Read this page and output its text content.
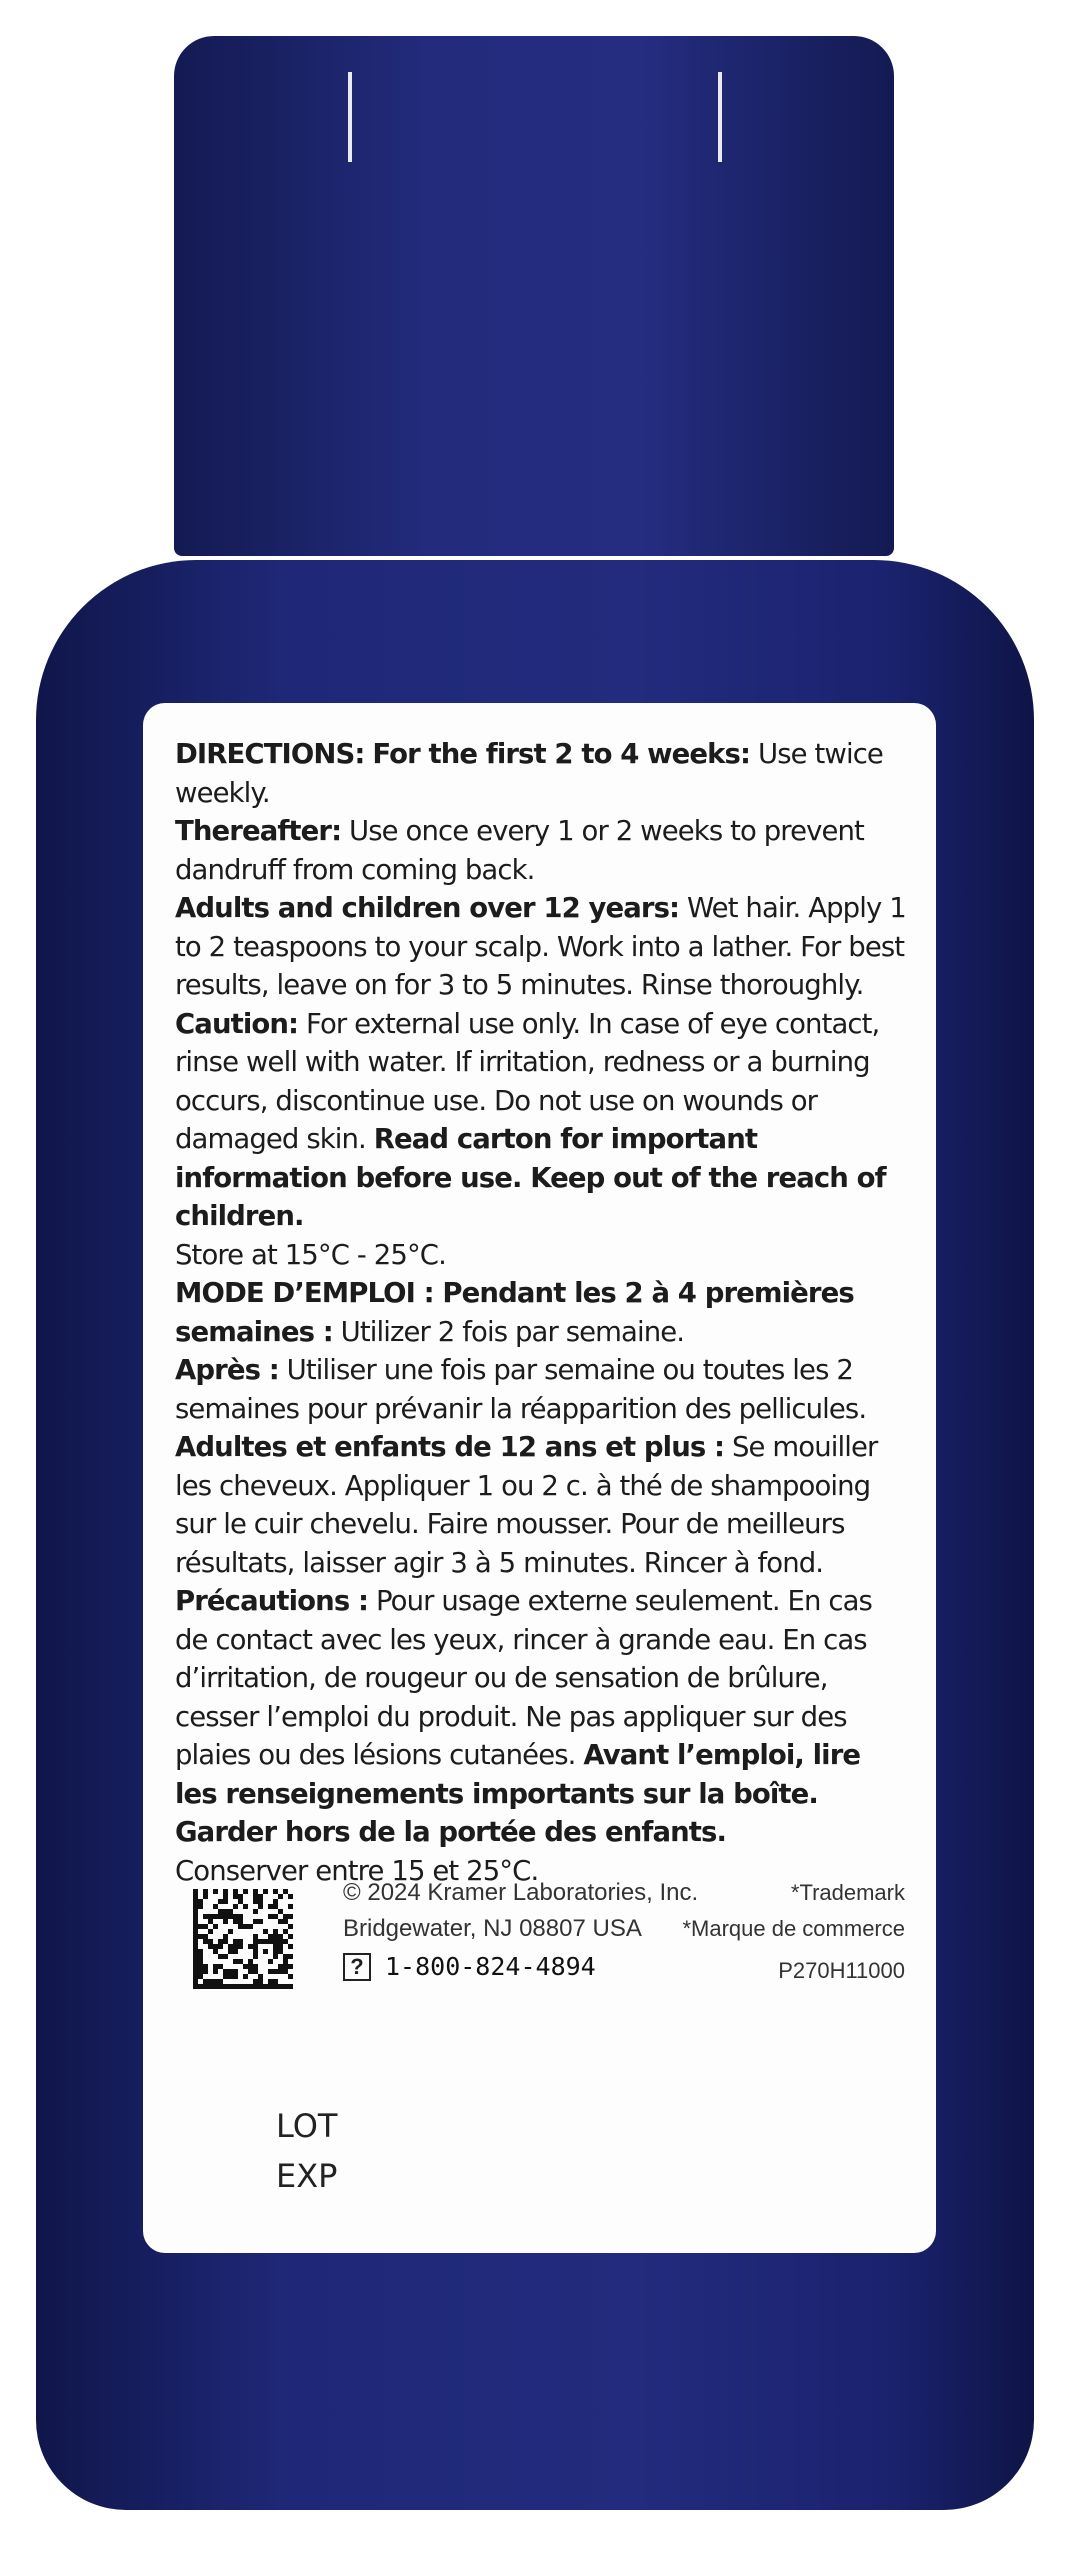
DIRECTIONS: For the first 2 to 4 weeks: Use twice weekly.

Thereafter: Use once every 1 or 2 weeks to prevent dandruff from coming back.

Adults and children over 12 years: Wet hair. Apply 1 to 2 teaspoons to your scalp. Work into a lather. For best results, leave on for 3 to 5 minutes. Rinse thoroughly.

Caution: For external use only. In case of eye contact, rinse well with water. If irritation, redness or a burning occurs, discontinue use. Do not use on wounds or damaged skin. Read carton for important information before use. Keep out of the reach of children.

Store at 15°C - 25°C.

MODE D’EMPLOI : Pendant les 2 à 4 premières semaines : Utilizer 2 fois par semaine.

Après : Utiliser une fois par semaine ou toutes les 2 semaines pour prévanir la réapparition des pellicules.

Adultes et enfants de 12 ans et plus : Se mouiller les cheveux. Appliquer 1 ou 2 c. à thé de shampooing sur le cuir chevelu. Faire mousser. Pour de meilleurs résultats, laisser agir 3 à 5 minutes. Rincer à fond.

Précautions : Pour usage externe seulement. En cas de contact avec les yeux, rincer à grande eau. En cas d’irritation, de rougeur ou de sensation de brûlure, cesser l’emploi du produit. Ne pas appliquer sur des plaies ou des lésions cutanées. Avant l’emploi, lire les renseignements importants sur la boîte. Garder hors de la portée des enfants.

Conserver entre 15 et 25°C.

© 2024 Kramer Laboratories, Inc.
Bridgewater, NJ 08807 USA
? 1-800-824-4894
*Trademark
*Marque de commerce
P270H11000
LOT
EXP
